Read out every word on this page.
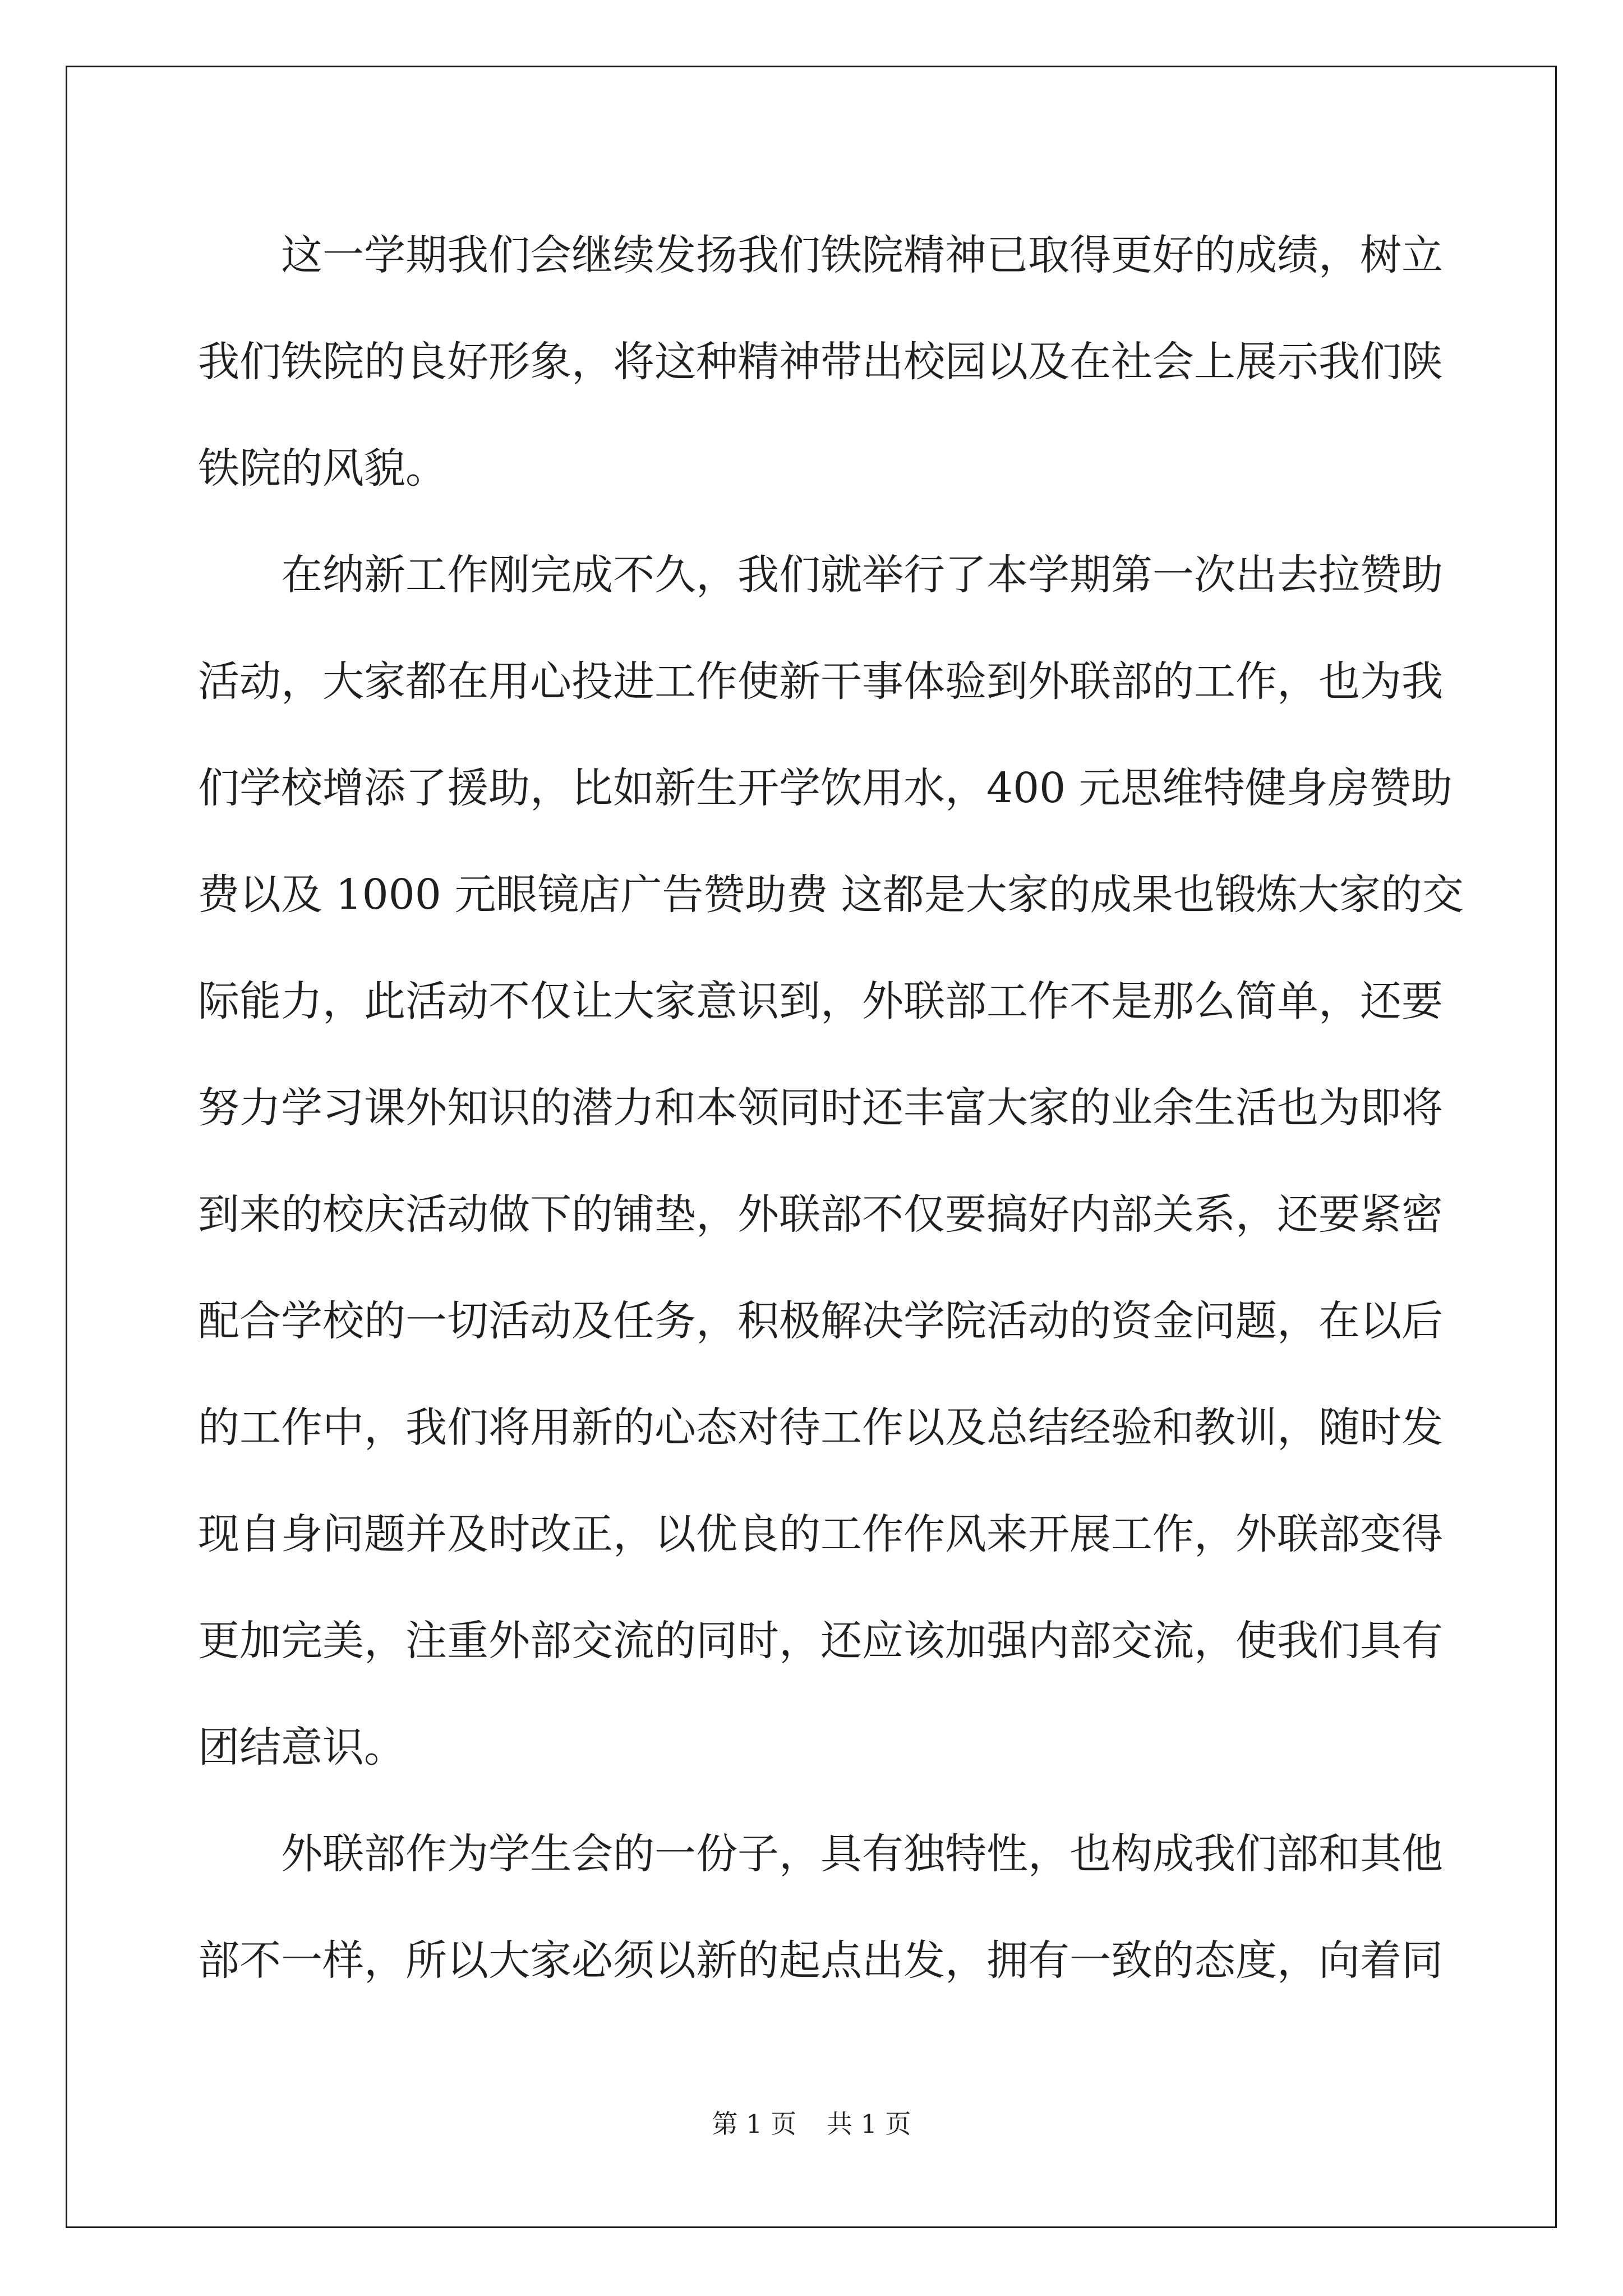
这一学期我们会继续发扬我们铁院精神已取得更好的成绩，树立
我们铁院的良好形象，将这种精神带出校园以及在社会上展示我们陕
铁院的风貌。
在纳新工作刚完成不久，我们就举行了本学期第一次出去拉赞助
活动，大家都在用心投进工作使新干事体验到外联部的工作，也为我
们学校增添了援助，比如新生开学饮用水，400 元思维特健身房赞助
费以及 1000 元眼镜店广告赞助费 这都是大家的成果也锻炼大家的交
际能力，此活动不仅让大家意识到，外联部工作不是那么简单，还要
努力学习课外知识的潜力和本领同时还丰富大家的业余生活也为即将
到来的校庆活动做下的铺垫，外联部不仅要搞好内部关系，还要紧密
配合学校的一切活动及任务，积极解决学院活动的资金问题，在以后
的工作中，我们将用新的心态对待工作以及总结经验和教训，随时发
现自身问题并及时改正，以优良的工作作风来开展工作，外联部变得
更加完美，注重外部交流的同时，还应该加强内部交流，使我们具有
团结意识。
外联部作为学生会的一份子，具有独特性，也构成我们部和其他
部不一样，所以大家必须以新的起点出发，拥有一致的态度，向着同
第 1 页 共 1 页
